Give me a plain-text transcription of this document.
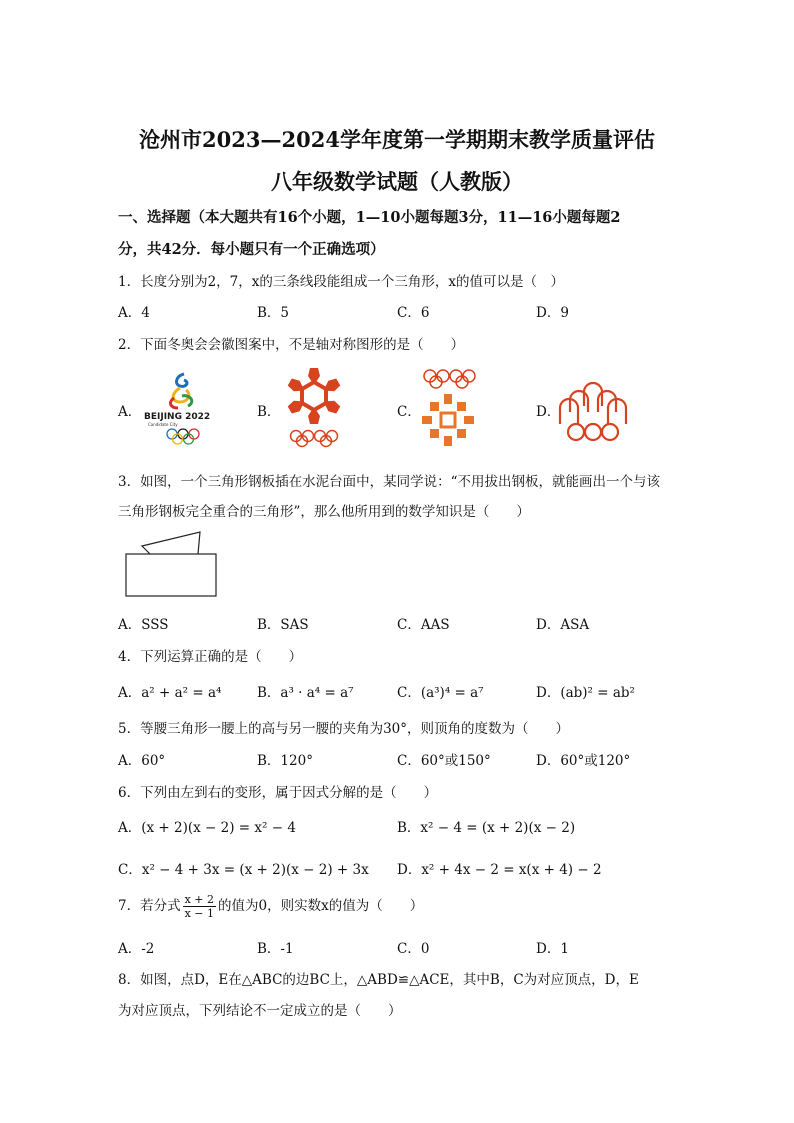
沧州市2023—2024学年度第一学期期末教学质量评估
八年级数学试题（人教版）
一、选择题（本大题共有16个小题，1—10小题每题3分，11—16小题每题2
分，共42分．每小题只有一个正确选项）
1．长度分别为2，7，x的三条线段能组成一个三角形，x的值可以是（　）
A．4	B．5	C．6	D．9
2．下面冬奥会会徽图案中，不是轴对称图形的是（　　）
A．	B．	C．	D．
BEIJING 2022
Candidate City
3．如图，一个三角形钢板插在水泥台面中，某同学说：“不用拔出钢板，就能画出一个与该
三角形钢板完全重合的三角形”，那么他所用到的数学知识是（　　）
A．SSS	B．SAS	C．AAS	D．ASA
4．下列运算正确的是（　　）
A．a² + a² = a⁴	B．a³ · a⁴ = a⁷	C．(a³)⁴ = a⁷	D．(ab)² = ab²
5．等腰三角形一腰上的高与另一腰的夹角为30°，则顶角的度数为（　　）
A．60°	B．120°	C．60°或150°	D．60°或120°
6．下列由左到右的变形，属于因式分解的是（　　）
A．(x + 2)(x − 2) = x² − 4	B．x² − 4 = (x + 2)(x − 2)
C．x² − 4 + 3x = (x + 2)(x − 2) + 3x D．x² + 4x − 2 = x(x + 4) − 2
7．若分式 $\frac{x + 2}{x - 1}$ 的值为0，则实数x的值为（　　）
A．-2	B．-1	C．0	D．1
8．如图，点D，E在△ABC的边BC上，△ABD≌△ACE，其中B，C为对应顶点，D，E
为对应顶点，下列结论不一定成立的是（　　）
